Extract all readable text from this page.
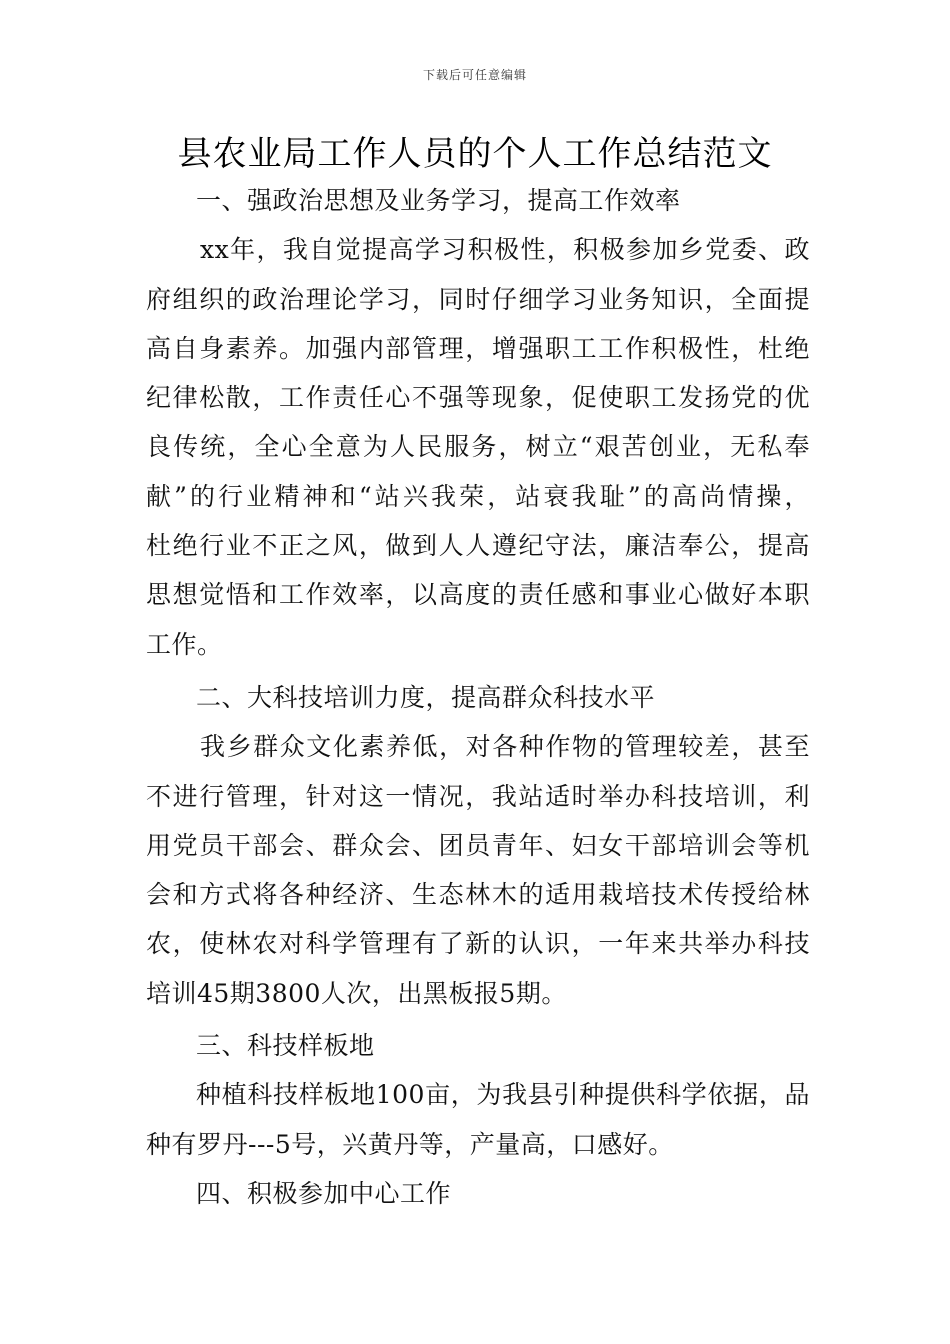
下载后可任意编辑
县农业局工作人员的个人工作总结范文
一、强政治思想及业务学习，提高工作效率
xx年，我自觉提高学习积极性，积极参加乡党委、政
府组织的政治理论学习，同时仔细学习业务知识，全面提
高自身素养。加强内部管理，增强职工工作积极性，杜绝
纪律松散，工作责任心不强等现象，促使职工发扬党的优
良传统，全心全意为人民服务，树立“艰苦创业，无私奉
献”的行业精神和“站兴我荣，站衰我耻”的高尚情操，
杜绝行业不正之风，做到人人遵纪守法，廉洁奉公，提高
思想觉悟和工作效率，以高度的责任感和事业心做好本职
工作。
二、大科技培训力度，提高群众科技水平
我乡群众文化素养低，对各种作物的管理较差，甚至
不进行管理，针对这一情况，我站适时举办科技培训，利
用党员干部会、群众会、团员青年、妇女干部培训会等机
会和方式将各种经济、生态林木的适用栽培技术传授给林
农，使林农对科学管理有了新的认识，一年来共举办科技
培训45期3800人次，出黑板报5期。
三、科技样板地
种植科技样板地100亩，为我县引种提供科学依据，品
种有罗丹---5号，兴黄丹等，产量高，口感好。
四、积极参加中心工作
